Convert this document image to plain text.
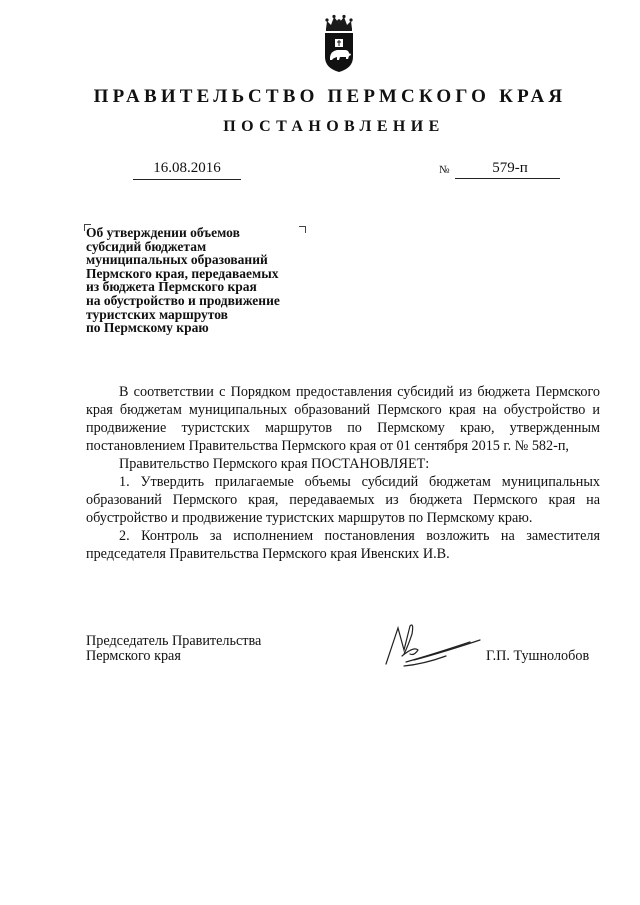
ПРАВИТЕЛЬСТВО ПЕРМСКОГО КРАЯ
ПОСТАНОВЛЕНИЕ
16.08.2016	№	579-п
Об утверждении объемов
субсидий бюджетам
муниципальных образований
Пермского края, передаваемых
из бюджета Пермского края
на обустройство и продвижение
туристских маршрутов
по Пермскому краю

В соответствии с Порядком предоставления субсидий из бюджета Пермского края бюджетам муниципальных образований Пермского края на обустройство и продвижение туристских маршрутов по Пермскому краю, утвержденным постановлением Правительства Пермского края от 01 сентября 2015 г. № 582-п,

Правительство Пермского края ПОСТАНОВЛЯЕТ:

1. Утвердить прилагаемые объемы субсидий бюджетам муниципальных образований Пермского края, передаваемых из бюджета Пермского края на обустройство и продвижение туристских маршрутов по Пермскому краю.

2. Контроль за исполнением постановления возложить на заместителя председателя Правительства Пермского края Ивенских И.В.

Председатель Правительства
Пермского края	Г.П. Тушнолобов
